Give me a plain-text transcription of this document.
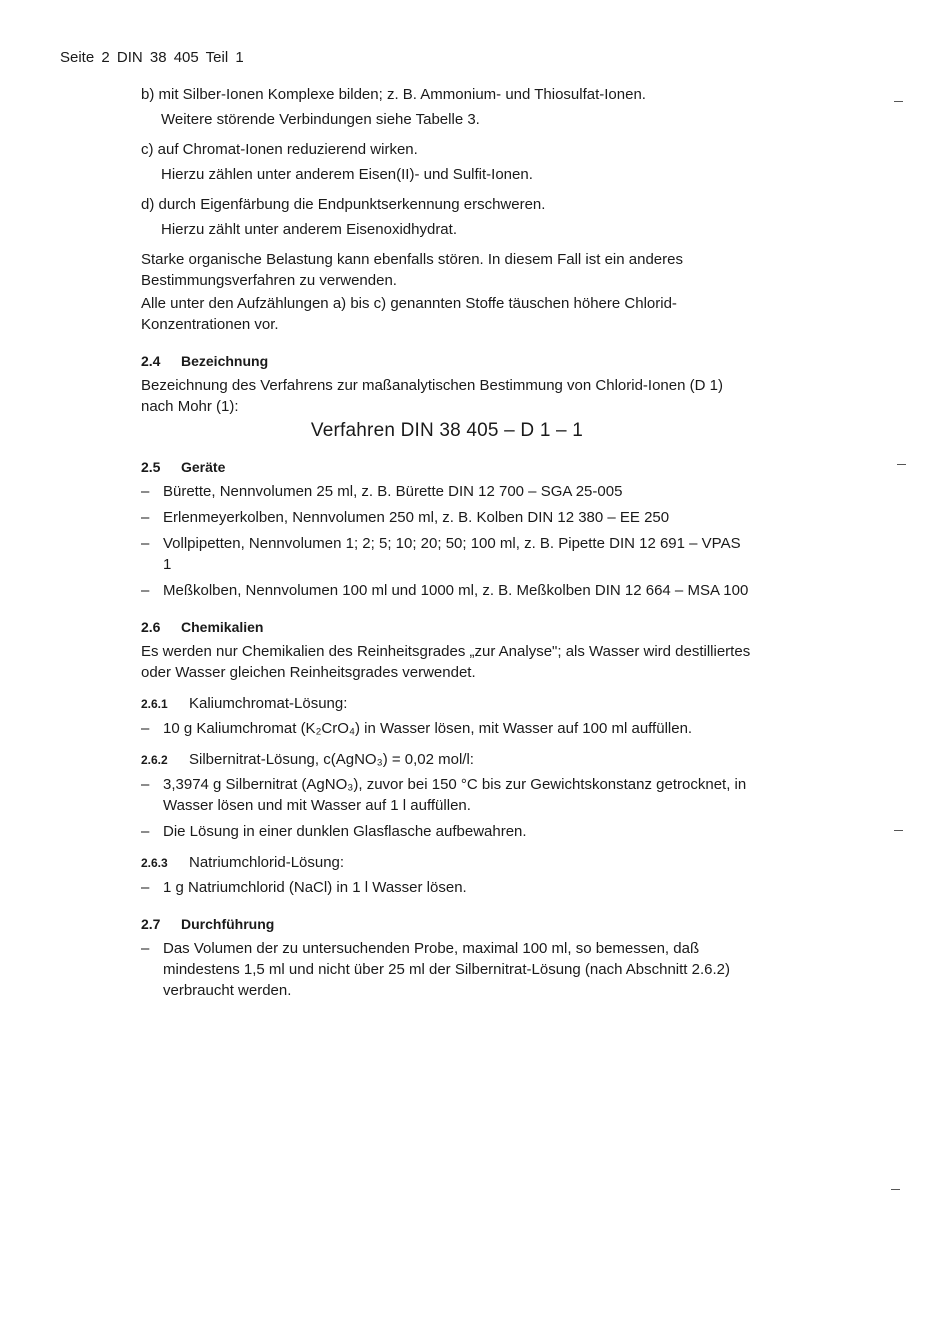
Seite 2 DIN 38 405 Teil 1

b) mit Silber-Ionen Komplexe bilden; z. B. Ammonium- und Thiosulfat-Ionen.

Weitere störende Verbindungen siehe Tabelle 3.

c) auf Chromat-Ionen reduzierend wirken.

Hierzu zählen unter anderem Eisen(II)- und Sulfit-Ionen.

d) durch Eigenfärbung die Endpunktserkennung erschweren.

Hierzu zählt unter anderem Eisenoxidhydrat.

Starke organische Belastung kann ebenfalls stören. In diesem Fall ist ein anderes Bestimmungsverfahren zu verwenden.

Alle unter den Aufzählungen a) bis c) genannten Stoffe täuschen höhere Chlorid-Konzentrationen vor.

2.4 Bezeichnung

Bezeichnung des Verfahrens zur maßanalytischen Bestimmung von Chlorid-Ionen (D 1) nach Mohr (1):

Verfahren DIN 38 405 – D 1 – 1
2.5 Geräte
– Bürette, Nennvolumen 25 ml, z. B. Bürette DIN 12 700 – SGA 25-005
– Erlenmeyerkolben, Nennvolumen 250 ml, z. B. Kolben DIN 12 380 – EE 250
– Vollpipetten, Nennvolumen 1; 2; 5; 10; 20; 50; 100 ml, z. B. Pipette DIN 12 691 – VPAS 1
– Meßkolben, Nennvolumen 100 ml und 1000 ml, z. B. Meßkolben DIN 12 664 – MSA 100
2.6 Chemikalien

Es werden nur Chemikalien des Reinheitsgrades „zur Analyse"; als Wasser wird destilliertes oder Wasser gleichen Reinheitsgrades verwendet.

2.6.1 Kaliumchromat-Lösung:
– 10 g Kaliumchromat (K₂CrO₄) in Wasser lösen, mit Wasser auf 100 ml auffüllen.
2.6.2 Silbernitrat-Lösung, c(AgNO₃) = 0,02 mol/l:
– 3,3974 g Silbernitrat (AgNO₃), zuvor bei 150 °C bis zur Gewichtskonstanz getrocknet, in Wasser lösen und mit Wasser auf 1 l auffüllen.
– Die Lösung in einer dunklen Glasflasche aufbewahren.
2.6.3 Natriumchlorid-Lösung:
– 1 g Natriumchlorid (NaCl) in 1 l Wasser lösen.
2.7 Durchführung
– Das Volumen der zu untersuchenden Probe, maximal 100 ml, so bemessen, daß mindestens 1,5 ml und nicht über 25 ml der Silbernitrat-Lösung (nach Abschnitt 2.6.2) verbraucht werden.
